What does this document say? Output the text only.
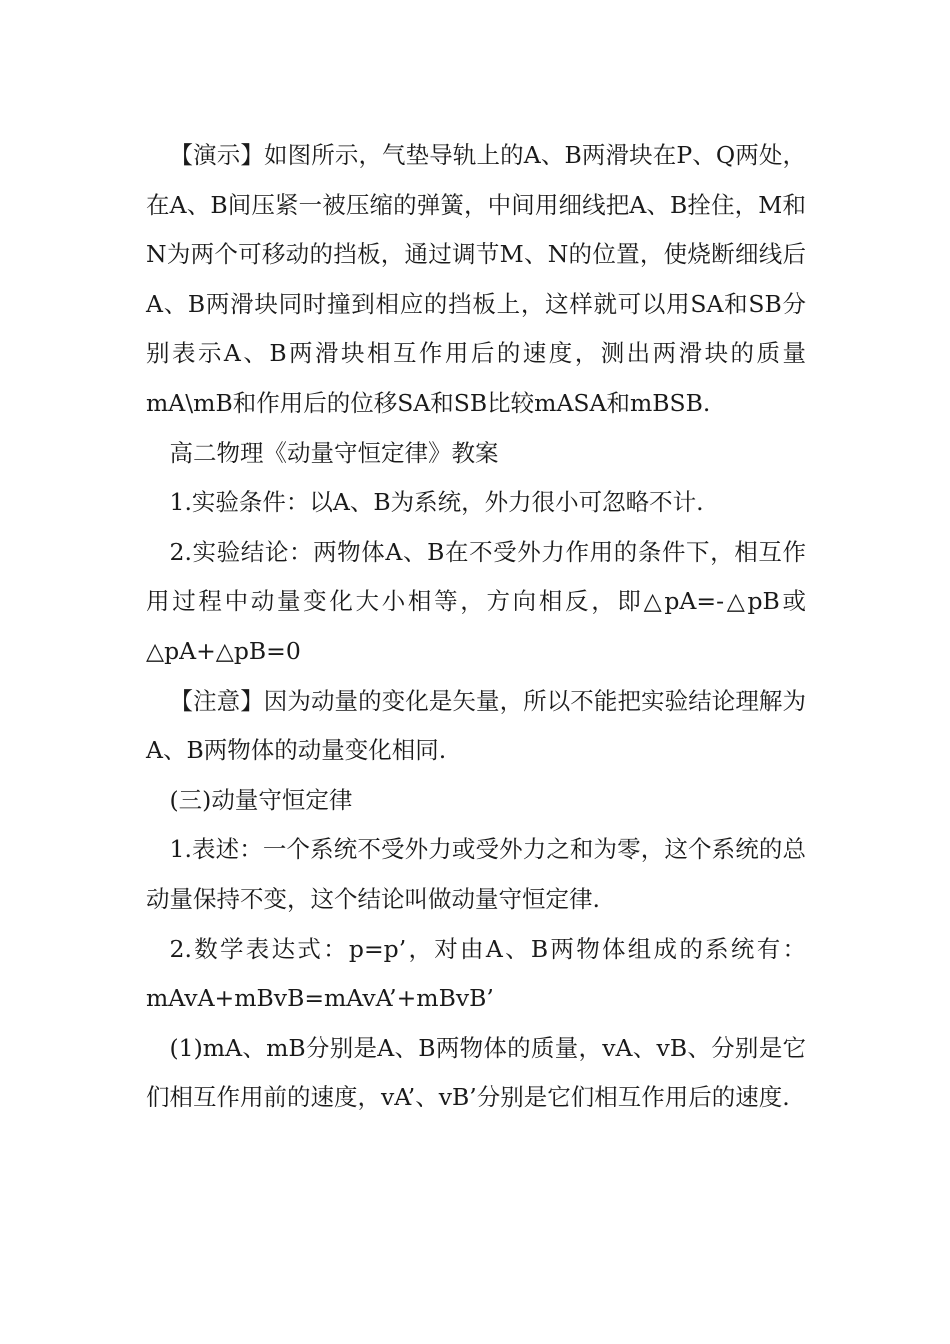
【演示】如图所示，气垫导轨上的A、B两滑块在P、Q两处，在A、B间压紧一被压缩的弹簧，中间用细线把A、B拴住，M和N为两个可移动的挡板，通过调节M、N的位置，使烧断细线后A、B两滑块同时撞到相应的挡板上，这样就可以用SA和SB分别表示A、B两滑块相互作用后的速度，测出两滑块的质量mA\mB和作用后的位移SA和SB比较mASA和mBSB.

高二物理《动量守恒定律》教案

1.实验条件：以A、B为系统，外力很小可忽略不计.

2.实验结论：两物体A、B在不受外力作用的条件下，相互作用过程中动量变化大小相等，方向相反，即△pA=-△pB或△pA+△pB=0

【注意】因为动量的变化是矢量，所以不能把实验结论理解为A、B两物体的动量变化相同.

(三)动量守恒定律

1.表述：一个系统不受外力或受外力之和为零，这个系统的总动量保持不变，这个结论叫做动量守恒定律.

2.数学表达式：p=p’，对由A、B两物体组成的系统有：mAvA+mBvB=mAvA’+mBvB’

(1)mA、mB分别是A、B两物体的质量，vA、vB、分别是它们相互作用前的速度，vA’、vB’分别是它们相互作用后的速度.
